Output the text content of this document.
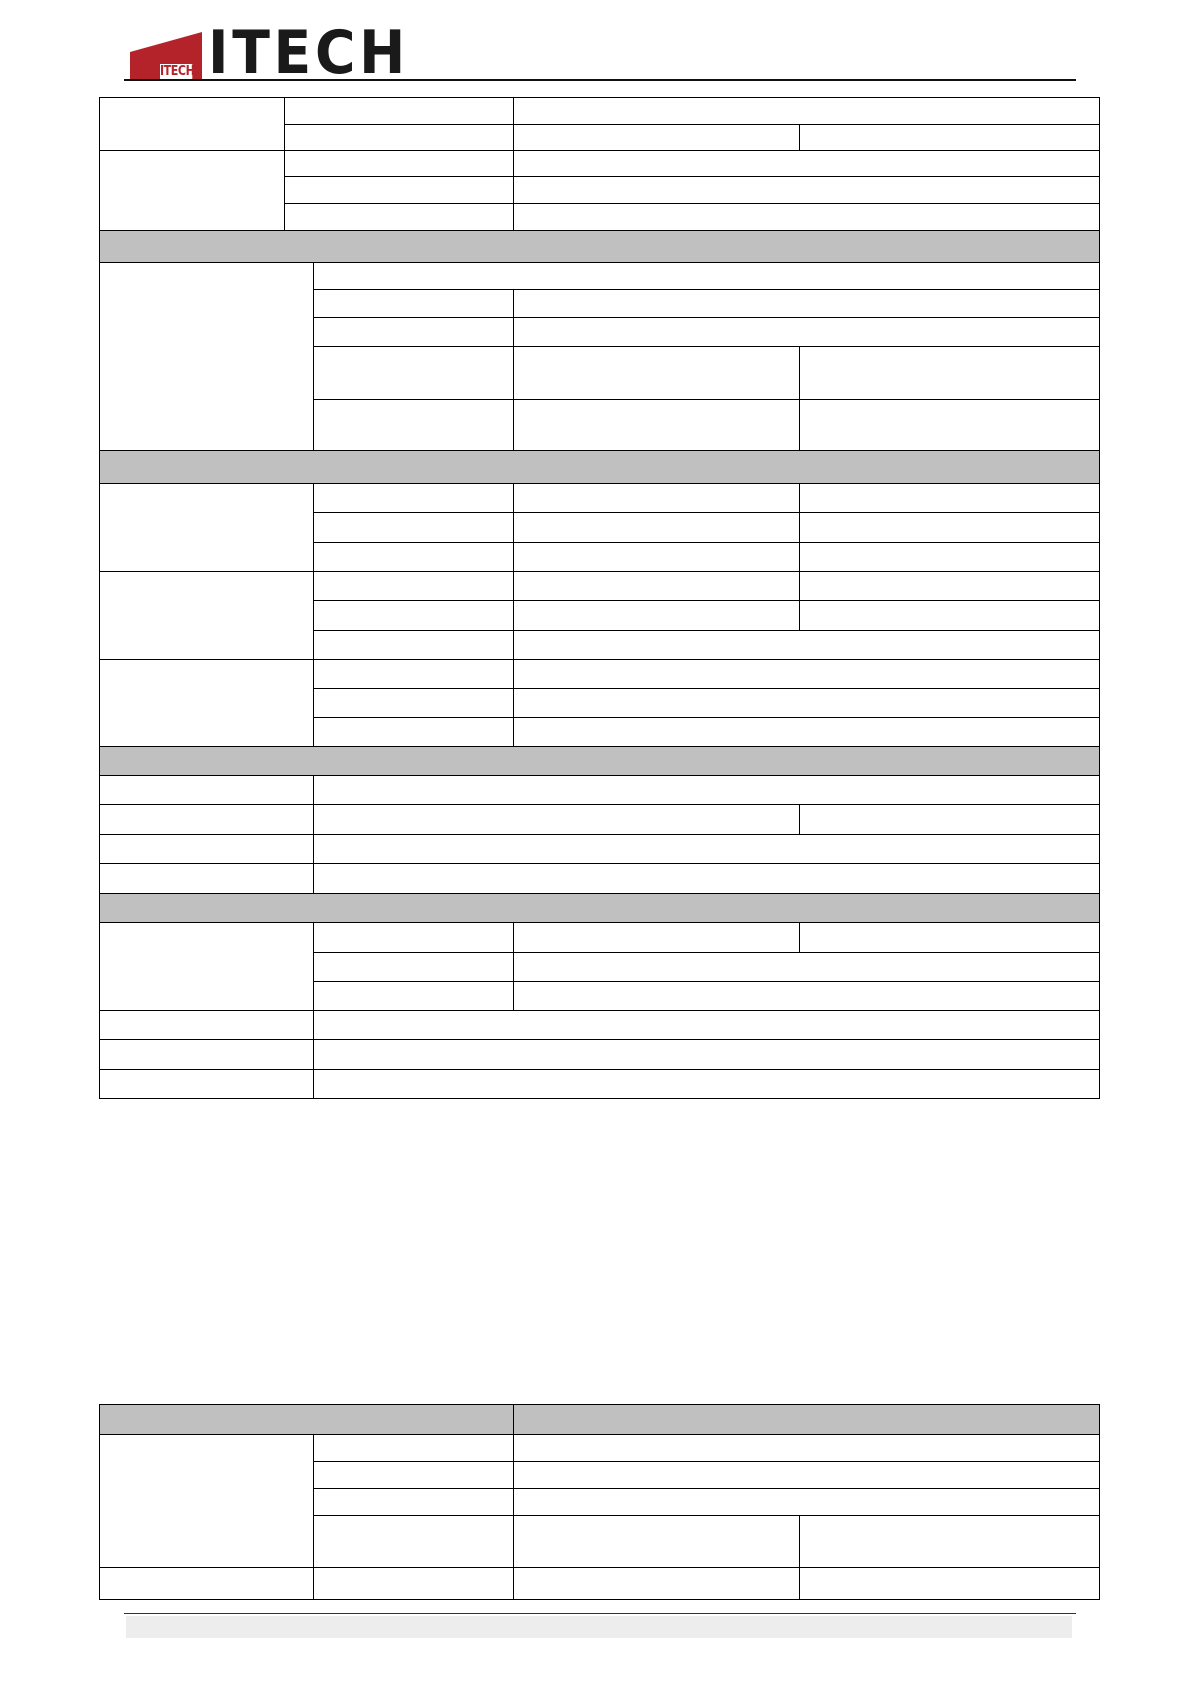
ITECH ITECH
